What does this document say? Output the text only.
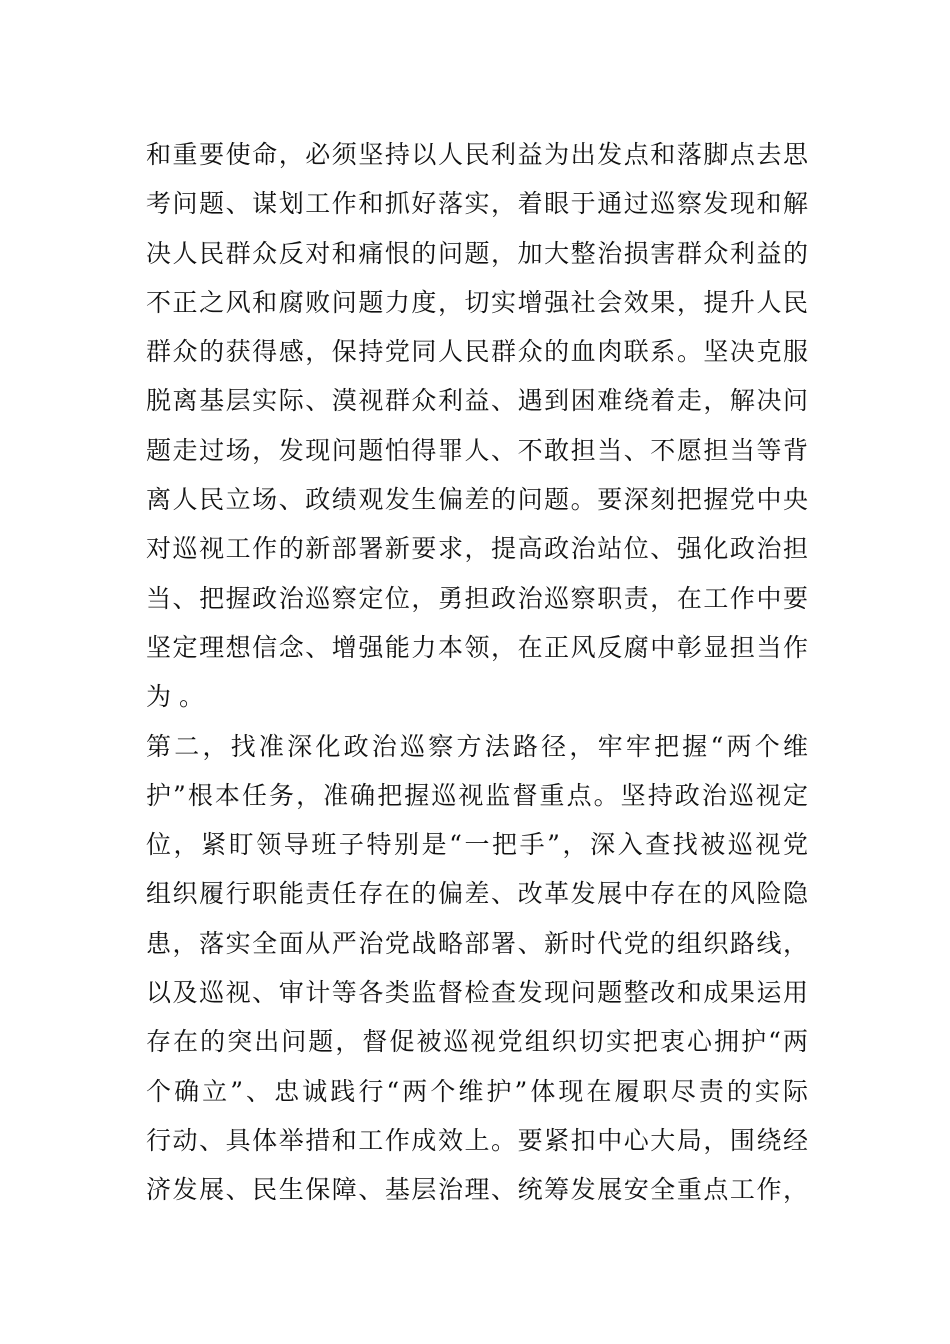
和重要使命，必须坚持以人民利益为出发点和落脚点去思
考问题、谋划工作和抓好落实，着眼于通过巡察发现和解
决人民群众反对和痛恨的问题，加大整治损害群众利益的
不正之风和腐败问题力度，切实增强社会效果，提升人民
群众的获得感，保持党同人民群众的血肉联系。坚决克服
脱离基层实际、漠视群众利益、遇到困难绕着走，解决问
题走过场，发现问题怕得罪人、不敢担当、不愿担当等背
离人民立场、政绩观发生偏差的问题。要深刻把握党中央
对巡视工作的新部署新要求，提高政治站位、强化政治担
当、把握政治巡察定位，勇担政治巡察职责，在工作中要
坚定理想信念、增强能力本领，在正风反腐中彰显担当作
为。
第二，找准深化政治巡察方法路径，牢牢把握“两个维
护”根本任务，准确把握巡视监督重点。坚持政治巡视定
位，紧盯领导班子特别是“一把手”，深入查找被巡视党
组织履行职能责任存在的偏差、改革发展中存在的风险隐
患，落实全面从严治党战略部署、新时代党的组织路线，
以及巡视、审计等各类监督检查发现问题整改和成果运用
存在的突出问题，督促被巡视党组织切实把衷心拥护“两
个确立”、忠诚践行“两个维护”体现在履职尽责的实际
行动、具体举措和工作成效上。要紧扣中心大局，围绕经
济发展、民生保障、基层治理、统筹发展安全重点工作，
